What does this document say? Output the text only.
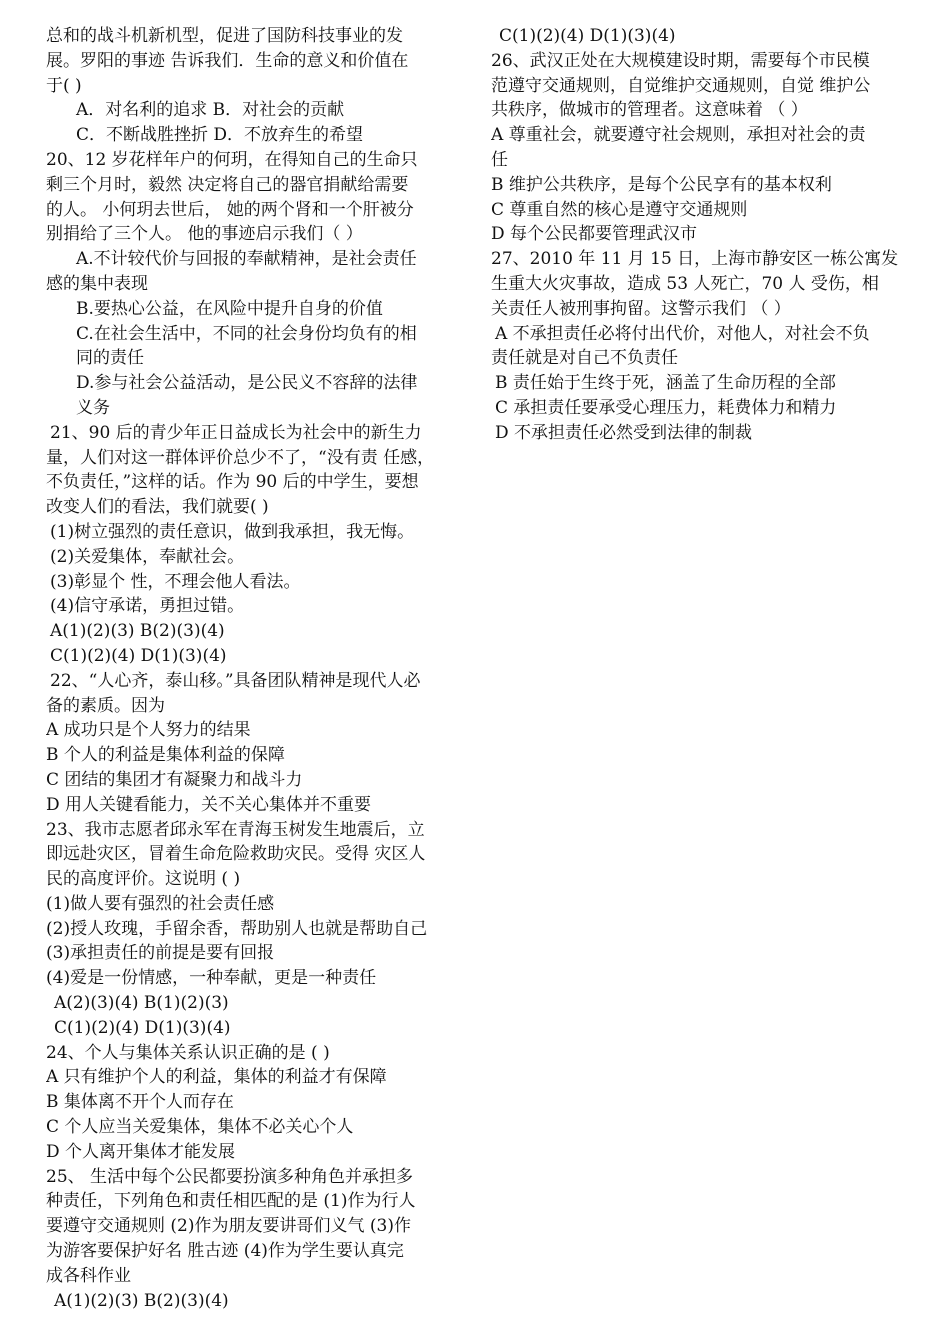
总和的战斗机新机型，促进了国防科技事业的发
展。罗阳的事迹 告诉我们．生命的意义和价值在
于( )
A．对名利的追求 B．对社会的贡献
C．不断战胜挫折 D．不放弃生的希望
20、12 岁花样年户的何玥，在得知自己的生命只
剩三个月时，毅然 决定将自己的器官捐献给需要
的人。 小何玥去世后， 她的两个肾和一个肝被分
别捐给了三个人。 他的事迹启示我们（ ）
A.不计较代价与回报的奉献精神，是社会责任
感的集中表现
B.要热心公益，在风险中提升自身的价值
C.在社会生活中，不同的社会身份均负有的相
同的责任
D.参与社会公益活动，是公民义不容辞的法律
义务
21、90 后的青少年正日益成长为社会中的新生力
量，人们对这一群体评价总少不了，“没有责 任感，
不负责任，”这样的话。作为 90 后的中学生，要想
改变人们的看法，我们就要( )
(1)树立强烈的责任意识，做到我承担，我无悔。
(2)关爱集体，奉献社会。
(3)彰显个 性，不理会他人看法。
(4)信守承诺，勇担过错。
A(1)(2)(3) B(2)(3)(4)
C(1)(2)(4) D(1)(3)(4)
22、“人心齐，泰山移。”具备团队精神是现代人必
备的素质。因为
A 成功只是个人努力的结果
B 个人的利益是集体利益的保障
C 团结的集团才有凝聚力和战斗力
D 用人关键看能力，关不关心集体并不重要
23、我市志愿者邱永军在青海玉树发生地震后，立
即远赴灾区，冒着生命危险救助灾民。受得 灾区人
民的高度评价。这说明 ( )
(1)做人要有强烈的社会责任感
(2)授人玫瑰，手留余香，帮助别人也就是帮助自己
(3)承担责任的前提是要有回报
(4)爱是一份情感，一种奉献，更是一种责任
A(2)(3)(4) B(1)(2)(3)
C(1)(2)(4) D(1)(3)(4)
24、个人与集体关系认识正确的是 ( )
A 只有维护个人的利益，集体的利益才有保障
B 集体离不开个人而存在
C 个人应当关爱集体，集体不必关心个人
D 个人离开集体才能发展
25、 生活中每个公民都要扮演多种角色并承担多
种责任，下列角色和责任相匹配的是 (1)作为行人
要遵守交通规则 (2)作为朋友要讲哥们义气 (3)作
为游客要保护好名 胜古迹 (4)作为学生要认真完
成各科作业
A(1)(2)(3) B(2)(3)(4)
C(1)(2)(4) D(1)(3)(4)
26、武汉正处在大规模建设时期，需要每个市民模
范遵守交通规则，自觉维护交通规则，自觉 维护公
共秩序，做城市的管理者。这意味着 （ ）
A 尊重社会，就要遵守社会规则，承担对社会的责
任
B 维护公共秩序，是每个公民享有的基本权利
C 尊重自然的核心是遵守交通规则
D 每个公民都要管理武汉市
27、2010 年 11 月 15 日，上海市静安区一栋公寓发
生重大火灾事故，造成 53 人死亡，70 人 受伤，相
关责任人被刑事拘留。这警示我们 （ ）
A 不承担责任必将付出代价，对他人，对社会不负
责任就是对自己不负责任
B 责任始于生终于死，涵盖了生命历程的全部
C 承担责任要承受心理压力，耗费体力和精力
D 不承担责任必然受到法律的制裁
